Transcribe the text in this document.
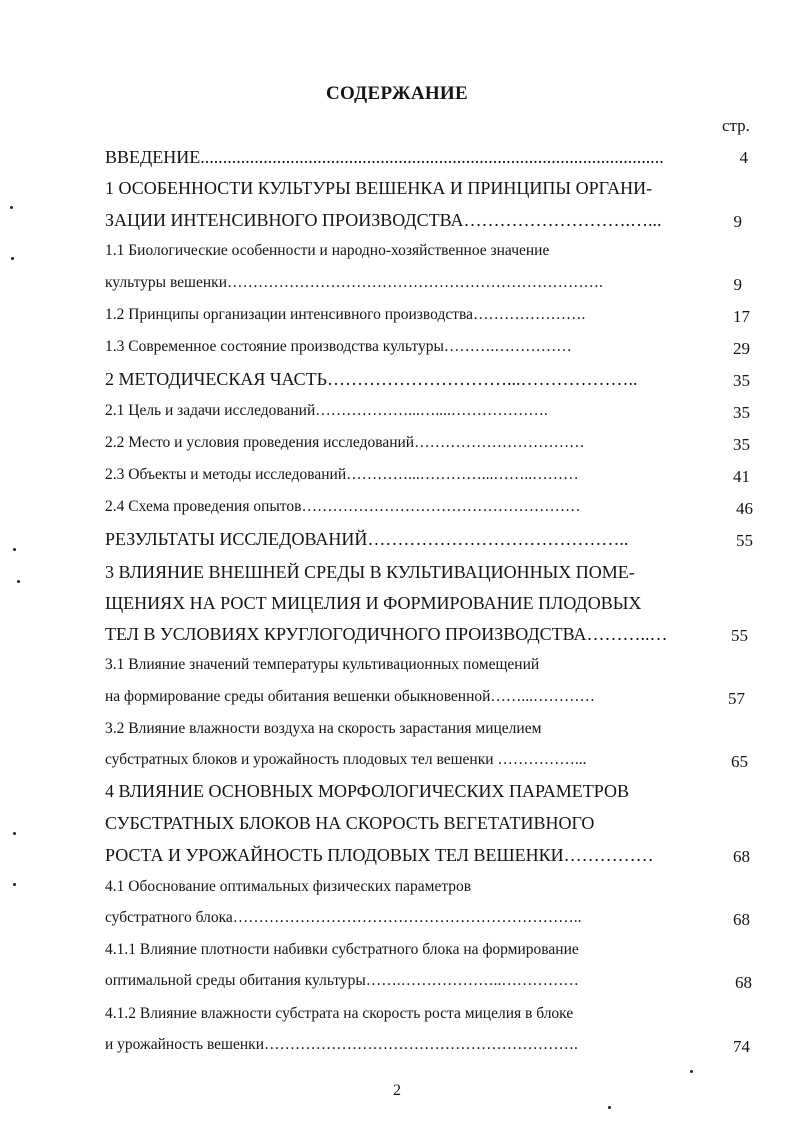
СОДЕРЖАНИЕ
стр.
ВВЕДЕНИЕ.......................................................................................................	4
1 ОСОБЕННОСТИ КУЛЬТУРЫ ВЕШЕНКА И ПРИНЦИПЫ ОРГАНИ-
ЗАЦИИ ИНТЕНСИВНОГО ПРОИЗВОДСТВА……………………….…...	9
1.1 Биологические особенности и народно-хозяйственное значение
культуры вешенки……………………………………………………………….	9
1.2 Принципы организации интенсивного производства………………….	17
1.3 Современное состояние производства культуры……….……………	29
2 МЕТОДИЧЕСКАЯ ЧАСТЬ…………………………...………………..	35
2.1 Цель и задачи исследований………………...…....……………….	35
2.2 Место и условия проведения исследований……………………………	35
2.3 Объекты и методы исследований…………...…………...……..………	41
2.4 Схема проведения опытов………………………………………………	46
РЕЗУЛЬТАТЫ ИССЛЕДОВАНИЙ……………………………………..	55
3 ВЛИЯНИЕ ВНЕШНЕЙ СРЕДЫ В КУЛЬТИВАЦИОННЫХ ПОМЕ-
ЩЕНИЯХ НА РОСТ МИЦЕЛИЯ И ФОРМИРОВАНИЕ ПЛОДОВЫХ
ТЕЛ В УСЛОВИЯХ КРУГЛОГОДИЧНОГО ПРОИЗВОДСТВА………..…	55
3.1 Влияние значений температуры культивационных помещений
на формирование среды обитания вешенки обыкновенной……...…………	57
3.2 Влияние влажности воздуха на скорость зарастания мицелием
субстратных блоков и урожайность плодовых тел вешенки ……………...	65
4 ВЛИЯНИЕ ОСНОВНЫХ МОРФОЛОГИЧЕСКИХ ПАРАМЕТРОВ
СУБСТРАТНЫХ БЛОКОВ НА СКОРОСТЬ ВЕГЕТАТИВНОГО
РОСТА И УРОЖАЙНОСТЬ ПЛОДОВЫХ ТЕЛ ВЕШЕНКИ……………	68
4.1 Обоснование оптимальных физических параметров
субстратного блока…………………………………………………………..	68
4.1.1 Влияние плотности набивки субстратного блока на формирование
оптимальной среды обитания культуры…….………………..……………	68
4.1.2 Влияние влажности субстрата на скорость роста мицелия в блоке
и урожайность вешенки…………………………………………………….	74
2
